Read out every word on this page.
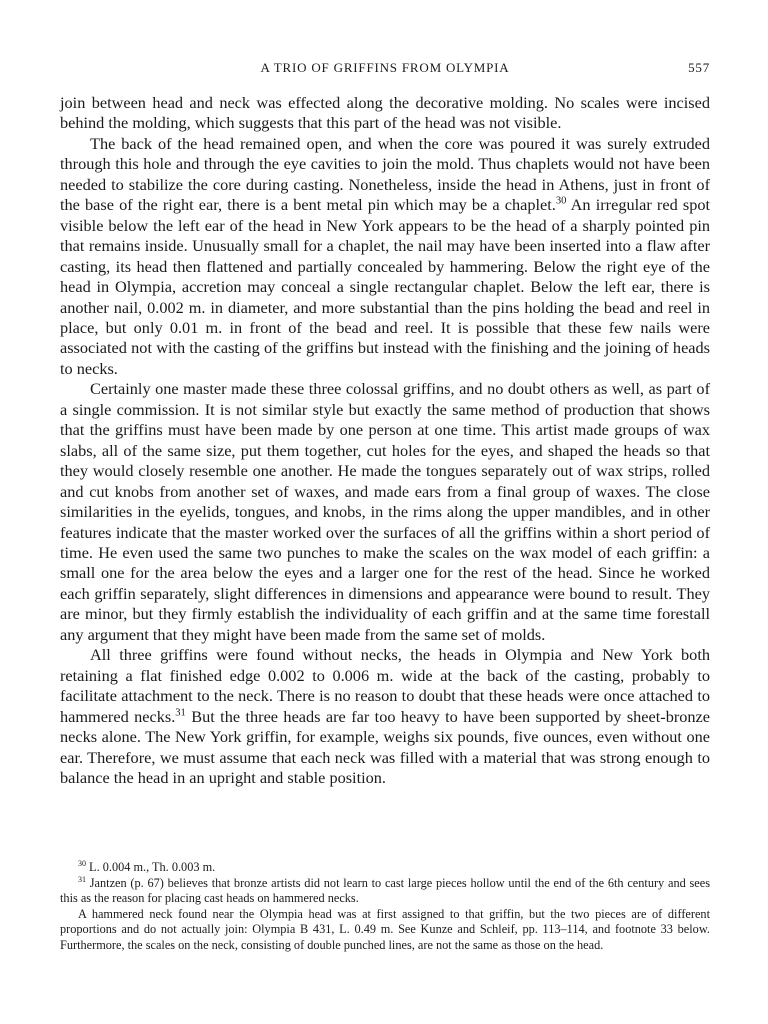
A TRIO OF GRIFFINS FROM OLYMPIA	557

join between head and neck was effected along the decorative molding. No scales were incised behind the molding, which suggests that this part of the head was not visible.

The back of the head remained open, and when the core was poured it was surely extruded through this hole and through the eye cavities to join the mold. Thus chaplets would not have been needed to stabilize the core during casting. Nonetheless, inside the head in Athens, just in front of the base of the right ear, there is a bent metal pin which may be a chaplet.$^{30}$ An irregular red spot visible below the left ear of the head in New York appears to be the head of a sharply pointed pin that remains inside. Unusually small for a chaplet, the nail may have been inserted into a flaw after casting, its head then flattened and partially concealed by hammering. Below the right eye of the head in Olympia, accretion may conceal a single rectangular chaplet. Below the left ear, there is another nail, 0.002 m. in diameter, and more substantial than the pins holding the bead and reel in place, but only 0.01 m. in front of the bead and reel. It is possible that these few nails were associated not with the casting of the griffins but instead with the finishing and the joining of heads to necks.

Certainly one master made these three colossal griffins, and no doubt others as well, as part of a single commission. It is not similar style but exactly the same method of production that shows that the griffins must have been made by one person at one time. This artist made groups of wax slabs, all of the same size, put them together, cut holes for the eyes, and shaped the heads so that they would closely resemble one another. He made the tongues separately out of wax strips, rolled and cut knobs from another set of waxes, and made ears from a final group of waxes. The close similarities in the eyelids, tongues, and knobs, in the rims along the upper mandibles, and in other features indicate that the master worked over the surfaces of all the griffins within a short period of time. He even used the same two punches to make the scales on the wax model of each griffin: a small one for the area below the eyes and a larger one for the rest of the head. Since he worked each griffin separately, slight differences in dimensions and appearance were bound to result. They are minor, but they firmly establish the individuality of each griffin and at the same time forestall any argument that they might have been made from the same set of molds.

All three griffins were found without necks, the heads in Olympia and New York both retaining a flat finished edge 0.002 to 0.006 m. wide at the back of the casting, probably to facilitate attachment to the neck. There is no reason to doubt that these heads were once attached to hammered necks.$^{31}$ But the three heads are far too heavy to have been supported by sheet-bronze necks alone. The New York griffin, for example, weighs six pounds, five ounces, even without one ear. Therefore, we must assume that each neck was filled with a material that was strong enough to balance the head in an upright and stable position.

$^{30}$ L. 0.004 m., Th. 0.003 m.

$^{31}$ Jantzen (p. 67) believes that bronze artists did not learn to cast large pieces hollow until the end of the 6th century and sees this as the reason for placing cast heads on hammered necks.

A hammered neck found near the Olympia head was at first assigned to that griffin, but the two pieces are of different proportions and do not actually join: Olympia B 431, L. 0.49 m. See Kunze and Schleif, pp. 113–114, and footnote 33 below. Furthermore, the scales on the neck, consisting of double punched lines, are not the same as those on the head.
